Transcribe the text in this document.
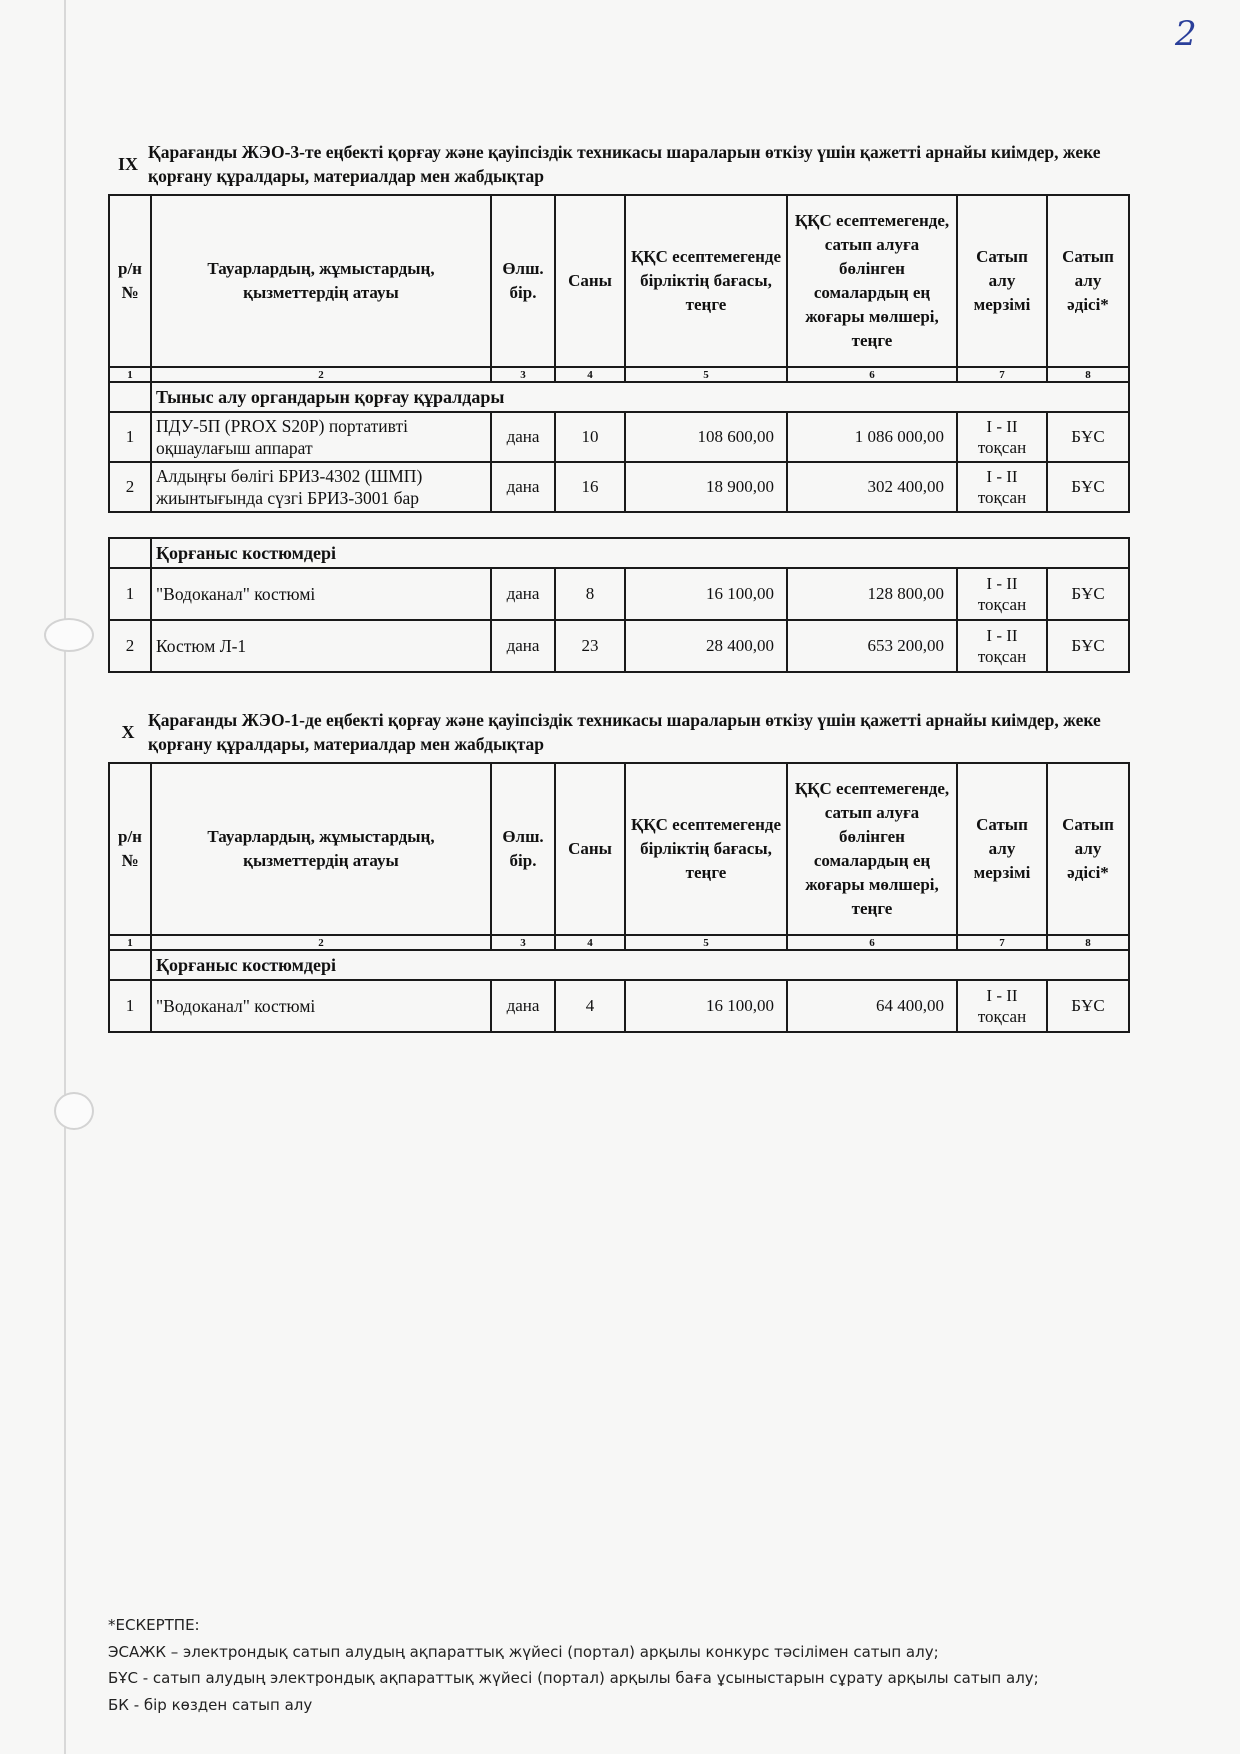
2
IX
Қарағанды ЖЭО-3-те еңбекті қорғау және қауіпсіздік техникасы шараларын өткізу үшін қажетті арнайы киімдер, жеке қорғану құралдары, материалдар мен жабдықтар
р/н №	Тауарлардың, жұмыстардың, қызметтердің атауы	Өлш. бір.	Саны	ҚҚС есептемегенде бірліктің бағасы, теңге	ҚҚС есептемегенде, сатып алуға бөлінген сомалардың ең жоғары мөлшері, теңге	Сатып алу мерзімі	Сатып алу әдісі*
1	2	3	4	5	6	7	8
	Тыныс алу органдарын қорғау құралдары						
1	ПДУ-5П (PROX S20P) портативті оқшаулағыш аппарат	дана	10	108 600,00	1 086 000,00	I - II тоқсан	БҰС
2	Алдыңғы бөлігі БРИЗ-4302 (ШМП) жиынтығында сүзгі БРИЗ-3001 бар	дана	16	18 900,00	302 400,00	I - II тоқсан	БҰС
	Қорғаныс костюмдері						
1	"Водоканал" костюмі	дана	8	16 100,00	128 800,00	I - II тоқсан	БҰС
2	Костюм Л-1	дана	23	28 400,00	653 200,00	I - II тоқсан	БҰС
X
Қарағанды ЖЭО-1-де еңбекті қорғау және қауіпсіздік техникасы шараларын өткізу үшін қажетті арнайы киімдер, жеке қорғану құралдары, материалдар мен жабдықтар
р/н №	Тауарлардың, жұмыстардың, қызметтердің атауы	Өлш. бір.	Саны	ҚҚС есептемегенде бірліктің бағасы, теңге	ҚҚС есептемегенде, сатып алуға бөлінген сомалардың ең жоғары мөлшері, теңге	Сатып алу мерзімі	Сатып алу әдісі*
1	2	3	4	5	6	7	8
	Қорғаныс костюмдері						
1	"Водоканал" костюмі	дана	4	16 100,00	64 400,00	I - II тоқсан	БҰС
*ЕСКЕРТПЕ:
ЭСАЖК – электрондық сатып алудың ақпараттық жүйесі (портал) арқылы конкурс тәсілімен сатып алу;
БҰС - сатып алудың электрондық ақпараттық жүйесі (портал) арқылы баға ұсыныстарын сұрату арқылы сатып алу;
БК - бір көзден сатып алу
